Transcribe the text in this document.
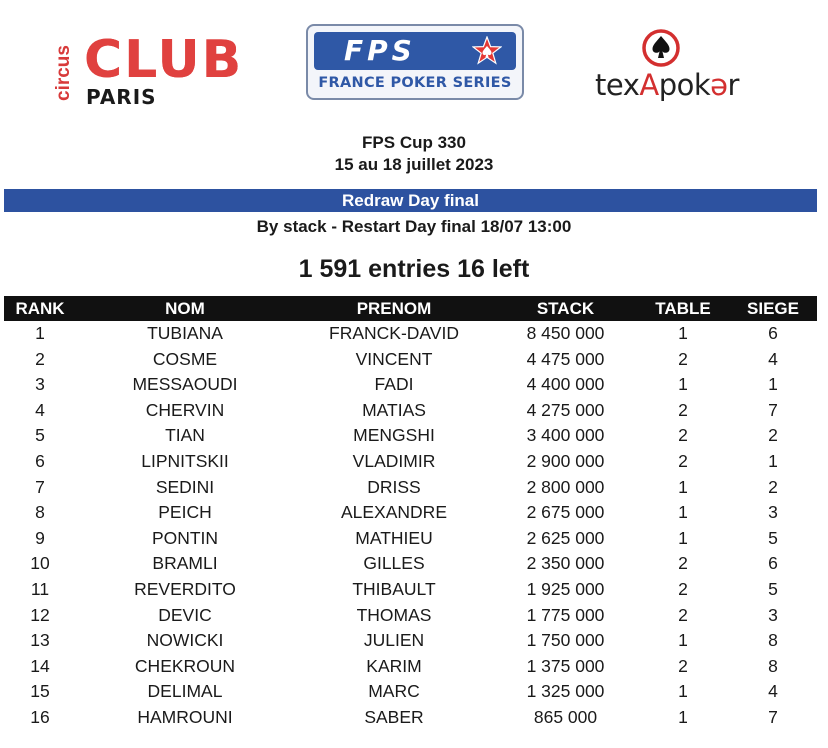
circus CLUB
PARIS
FPS
FRANCE POKER SERIES	texApokər
FPS Cup 330
15 au 18 juillet 2023
Redraw Day final
By stack - Restart Day final 18/07 13:00
1 591 entries 16 left
RANK	NOM	PRENOM	STACK	TABLE	SIEGE
1	TUBIANA	FRANCK-DAVID	8 450 000	1	6
2	COSME	VINCENT	4 475 000	2	4
3	MESSAOUDI	FADI	4 400 000	1	1
4	CHERVIN	MATIAS	4 275 000	2	7
5	TIAN	MENGSHI	3 400 000	2	2
6	LIPNITSKII	VLADIMIR	2 900 000	2	1
7	SEDINI	DRISS	2 800 000	1	2
8	PEICH	ALEXANDRE	2 675 000	1	3
9	PONTIN	MATHIEU	2 625 000	1	5
10	BRAMLI	GILLES	2 350 000	2	6
11	REVERDITO	THIBAULT	1 925 000	2	5
12	DEVIC	THOMAS	1 775 000	2	3
13	NOWICKI	JULIEN	1 750 000	1	8
14	CHEKROUN	KARIM	1 375 000	2	8
15	DELIMAL	MARC	1 325 000	1	4
16	HAMROUNI	SABER	865 000	1	7
